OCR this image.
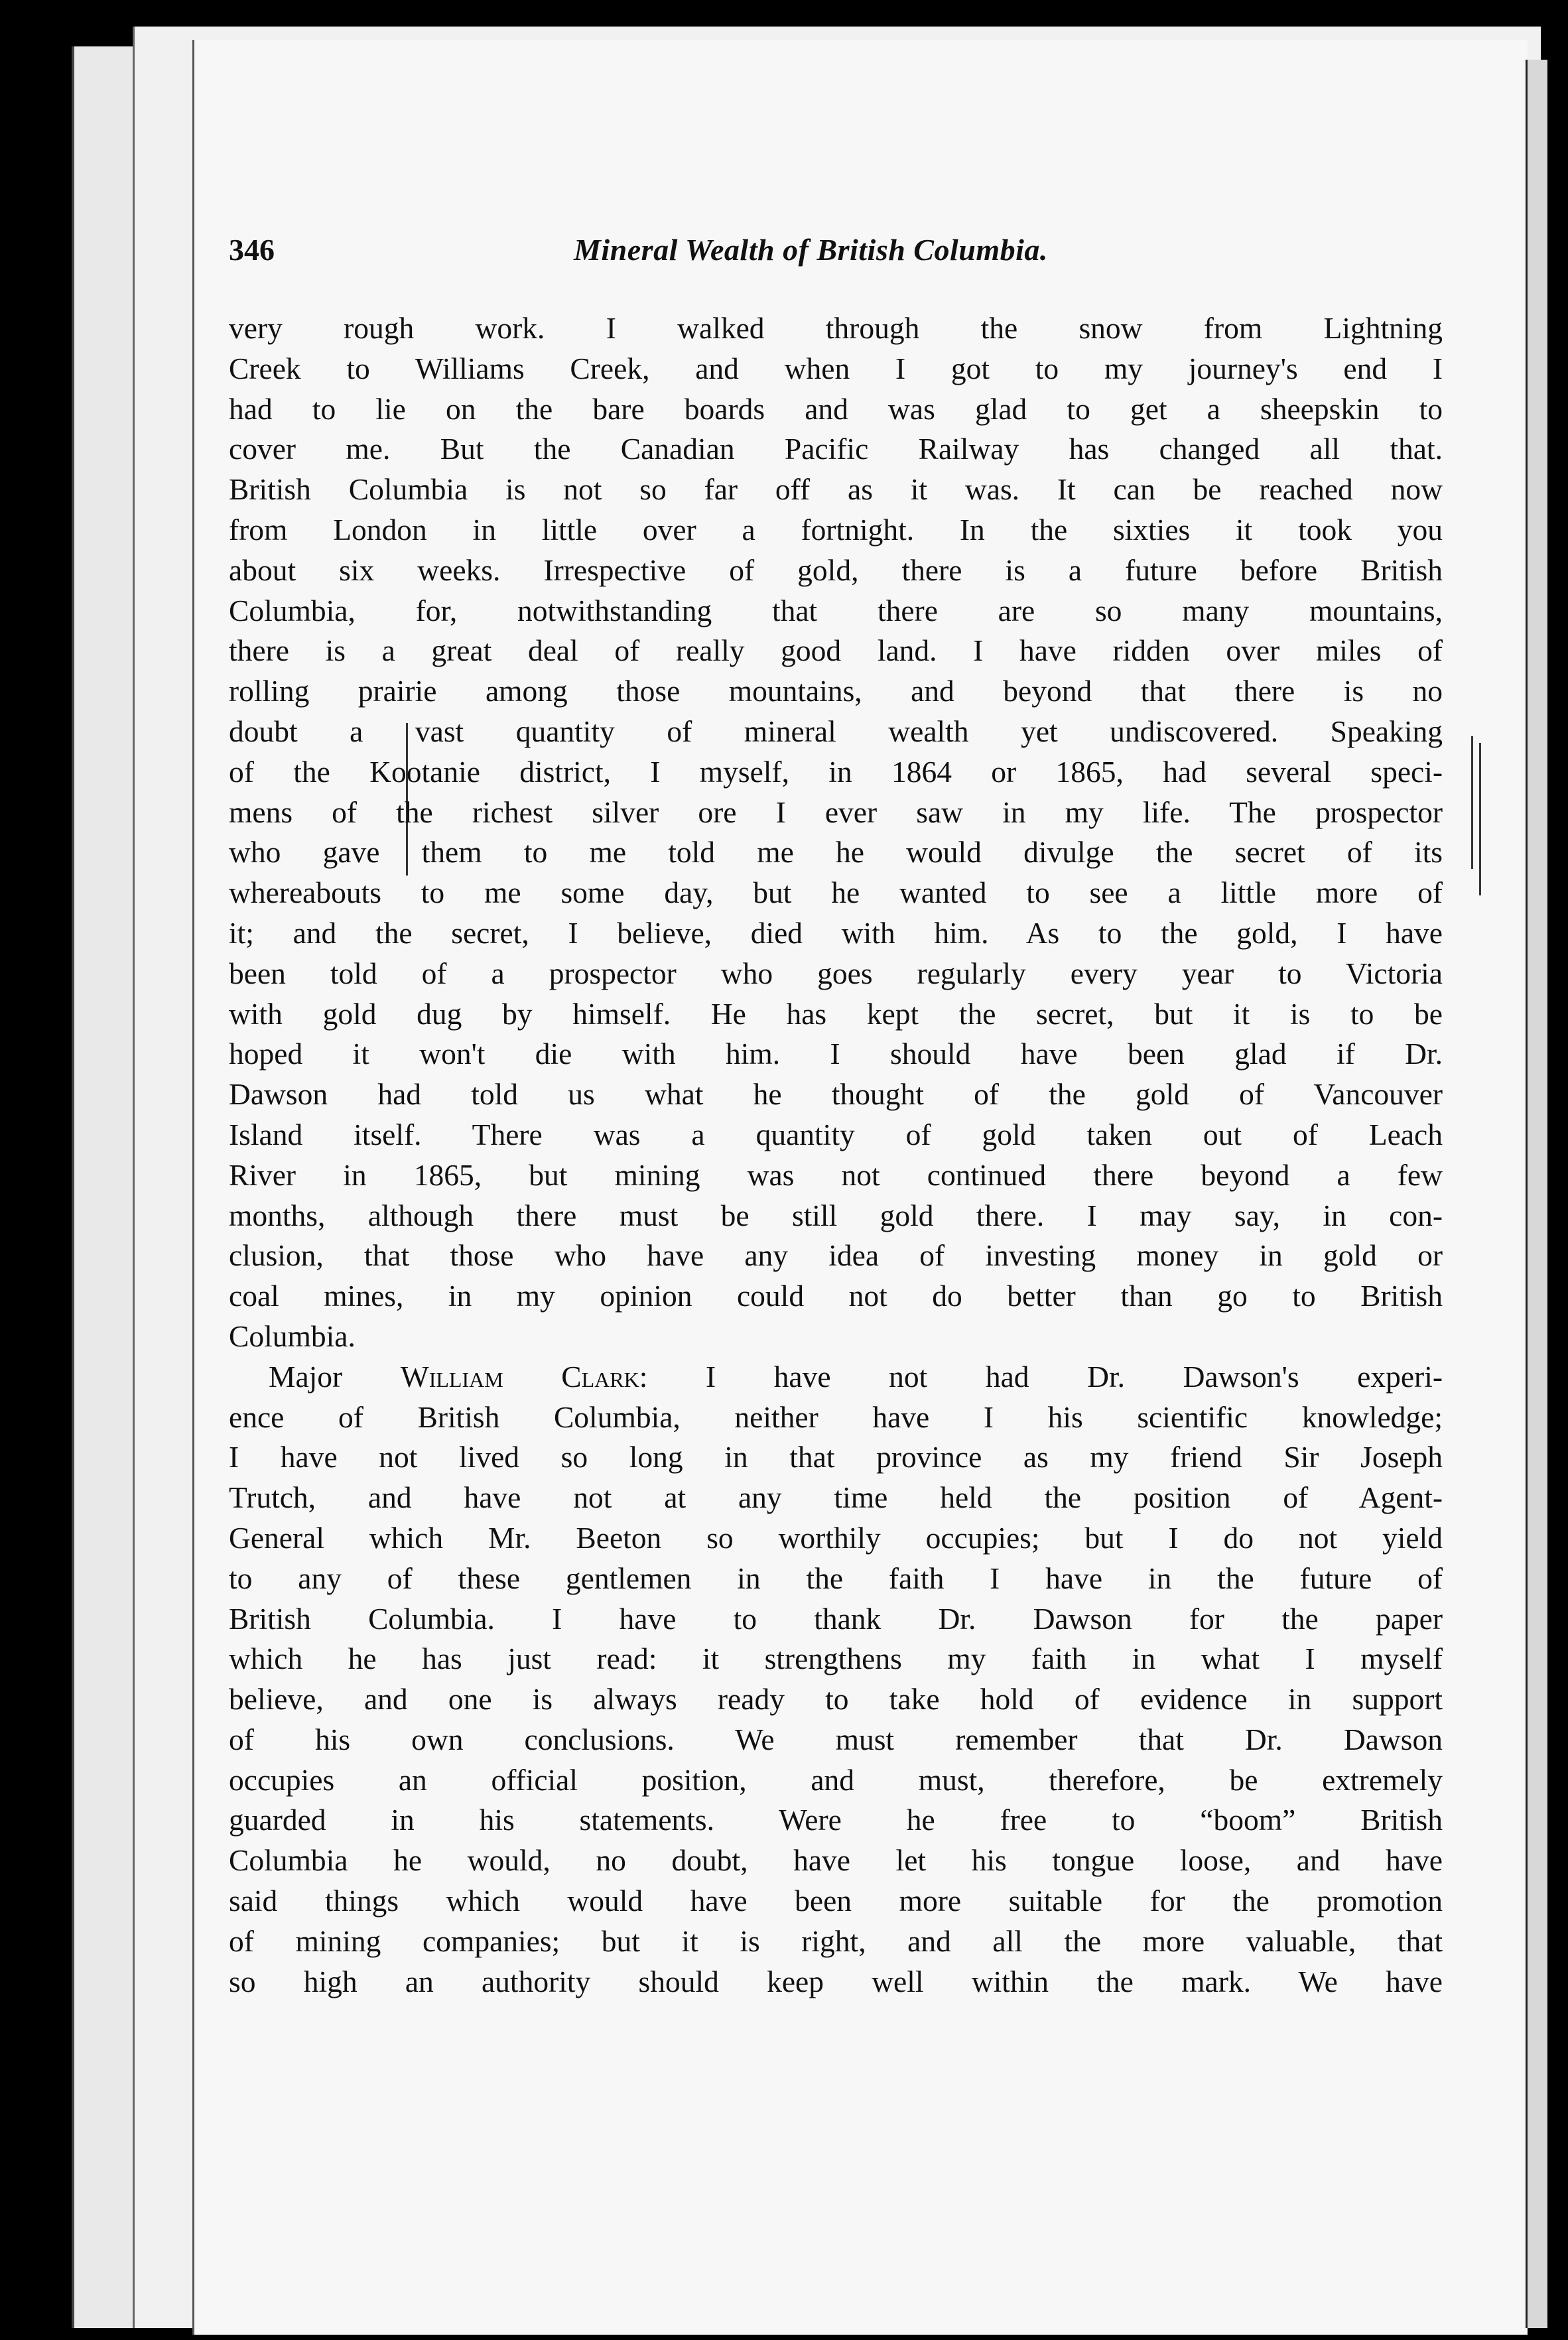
346	Mineral Wealth of British Columbia.

very rough work. I walked through the snow from Lightning
Creek to Williams Creek, and when I got to my journey's end I
had to lie on the bare boards and was glad to get a sheepskin to
cover me. But the Canadian Pacific Railway has changed all that.
British Columbia is not so far off as it was. It can be reached now
from London in little over a fortnight. In the sixties it took you
about six weeks. Irrespective of gold, there is a future before British
Columbia, for, notwithstanding that there are so many mountains,
there is a great deal of really good land. I have ridden over miles of
rolling prairie among those mountains, and beyond that there is no
doubt a vast quantity of mineral wealth yet undiscovered. Speaking
of the Kootanie district, I myself, in 1864 or 1865, had several speci-
mens of the richest silver ore I ever saw in my life. The prospector
who gave them to me told me he would divulge the secret of its
whereabouts to me some day, but he wanted to see a little more of
it; and the secret, I believe, died with him. As to the gold, I have
been told of a prospector who goes regularly every year to Victoria
with gold dug by himself. He has kept the secret, but it is to be
hoped it won't die with him. I should have been glad if Dr.
Dawson had told us what he thought of the gold of Vancouver
Island itself. There was a quantity of gold taken out of Leach
River in 1865, but mining was not continued there beyond a few
months, although there must be still gold there. I may say, in con-
clusion, that those who have any idea of investing money in gold or
coal mines, in my opinion could not do better than go to British
Columbia.

Major William Clark: I have not had Dr. Dawson's experi-
ence of British Columbia, neither have I his scientific knowledge;
I have not lived so long in that province as my friend Sir Joseph
Trutch, and have not at any time held the position of Agent-
General which Mr. Beeton so worthily occupies; but I do not yield
to any of these gentlemen in the faith I have in the future of
British Columbia. I have to thank Dr. Dawson for the paper
which he has just read: it strengthens my faith in what I myself
believe, and one is always ready to take hold of evidence in support
of his own conclusions. We must remember that Dr. Dawson
occupies an official position, and must, therefore, be extremely
guarded in his statements. Were he free to “boom” British
Columbia he would, no doubt, have let his tongue loose, and have
said things which would have been more suitable for the promotion
of mining companies; but it is right, and all the more valuable, that
so high an authority should keep well within the mark. We have
